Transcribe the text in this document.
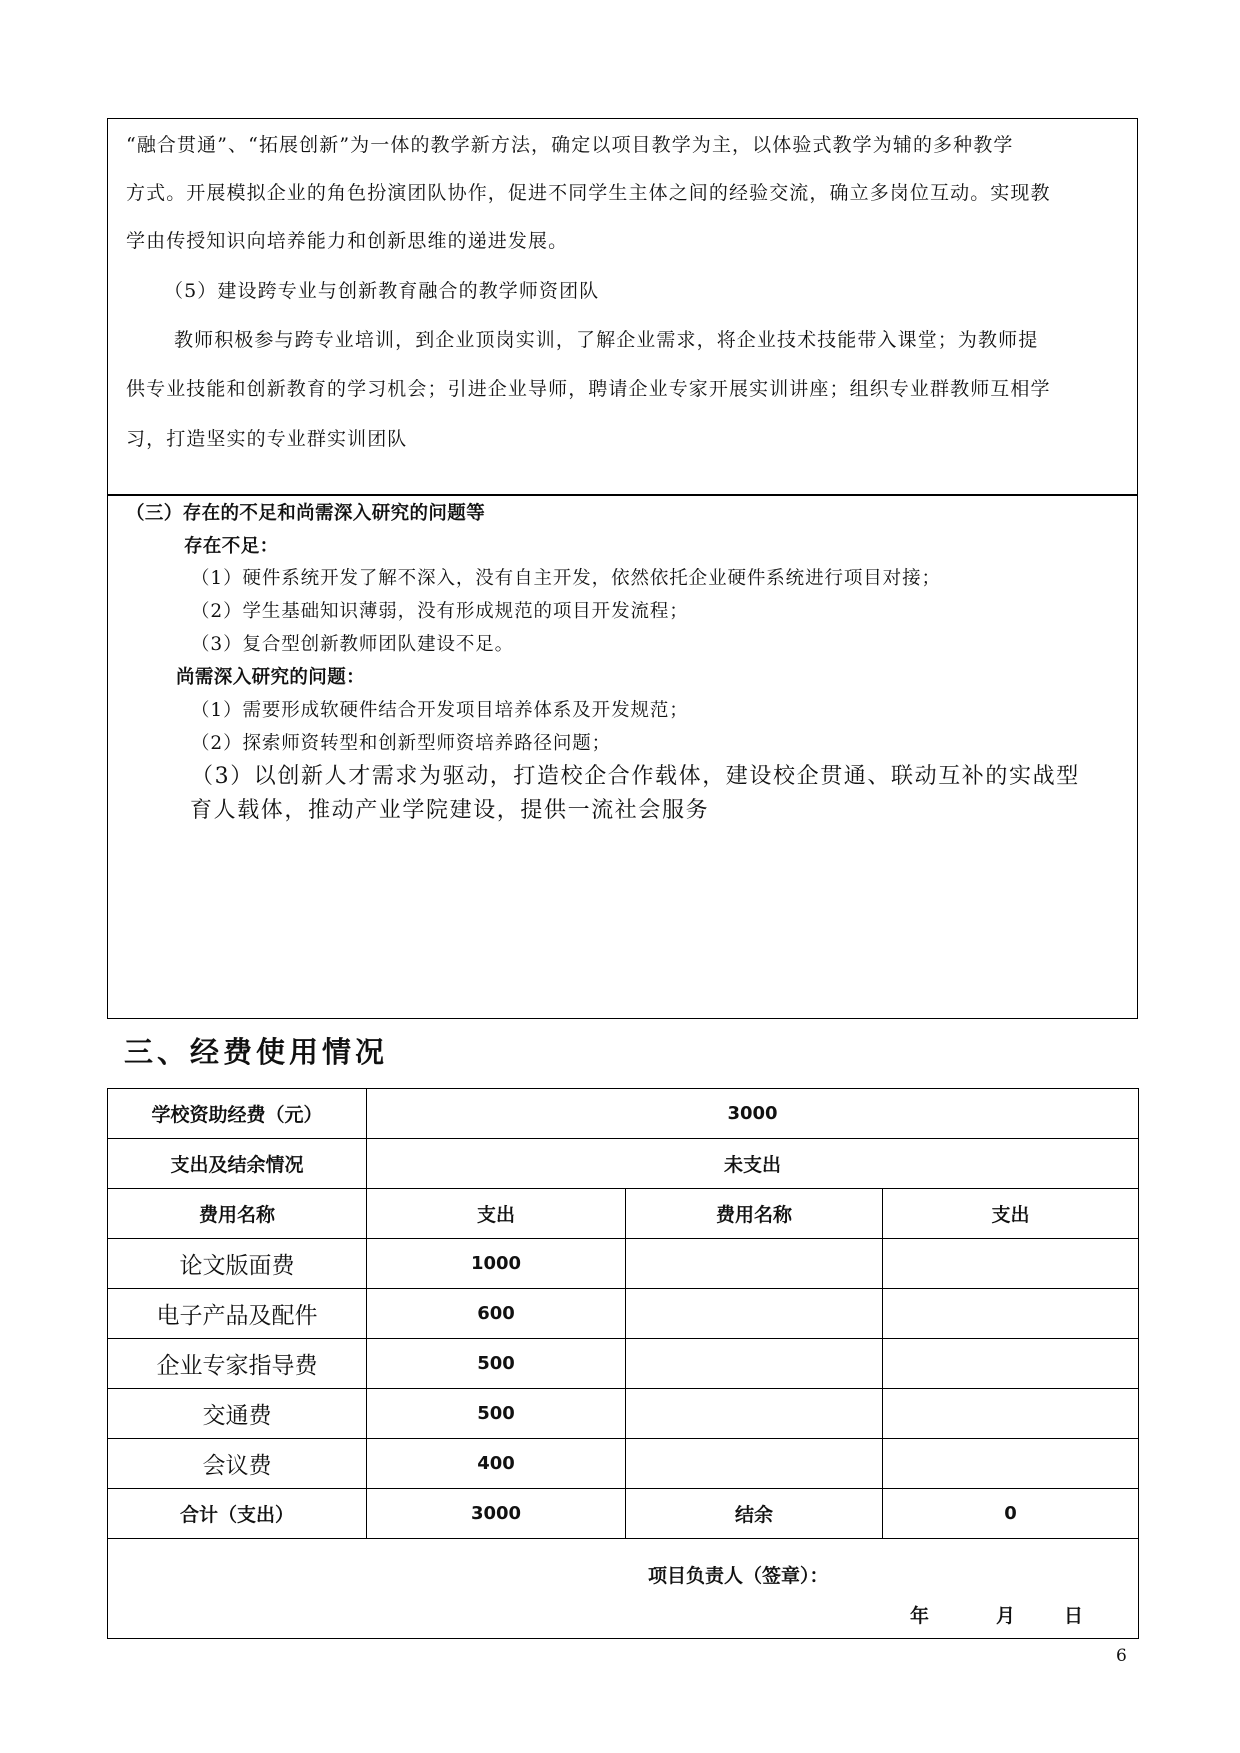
“融合贯通”、“拓展创新”为一体的教学新方法，确定以项目教学为主，以体验式教学为辅的多种教学
方式。开展模拟企业的角色扮演团队协作，促进不同学生主体之间的经验交流，确立多岗位互动。实现教
学由传授知识向培养能力和创新思维的递进发展。
（5）建设跨专业与创新教育融合的教学师资团队
教师积极参与跨专业培训，到企业顶岗实训，了解企业需求，将企业技术技能带入课堂；为教师提
供专业技能和创新教育的学习机会；引进企业导师，聘请企业专家开展实训讲座；组织专业群教师互相学
习，打造坚实的专业群实训团队
（三）存在的不足和尚需深入研究的问题等
存在不足：
（1）硬件系统开发了解不深入，没有自主开发，依然依托企业硬件系统进行项目对接；
（2）学生基础知识薄弱，没有形成规范的项目开发流程；
（3）复合型创新教师团队建设不足。
尚需深入研究的问题：
（1）需要形成软硬件结合开发项目培养体系及开发规范；
（2）探索师资转型和创新型师资培养路径问题；
（3）以创新人才需求为驱动，打造校企合作载体，建设校企贯通、联动互补的实战型
育人载体，推动产业学院建设，提供一流社会服务
三、经费使用情况
学校资助经费（元）	3000		
支出及结余情况	未支出		
费用名称	支出	费用名称	支出
论文版面费	1000		
电子产品及配件	600		
企业专家指导费	500		
交通费	500		
会议费	400		
合计（支出）	3000	结余	0

项目负责人（签章）：
年 月 日			
6
